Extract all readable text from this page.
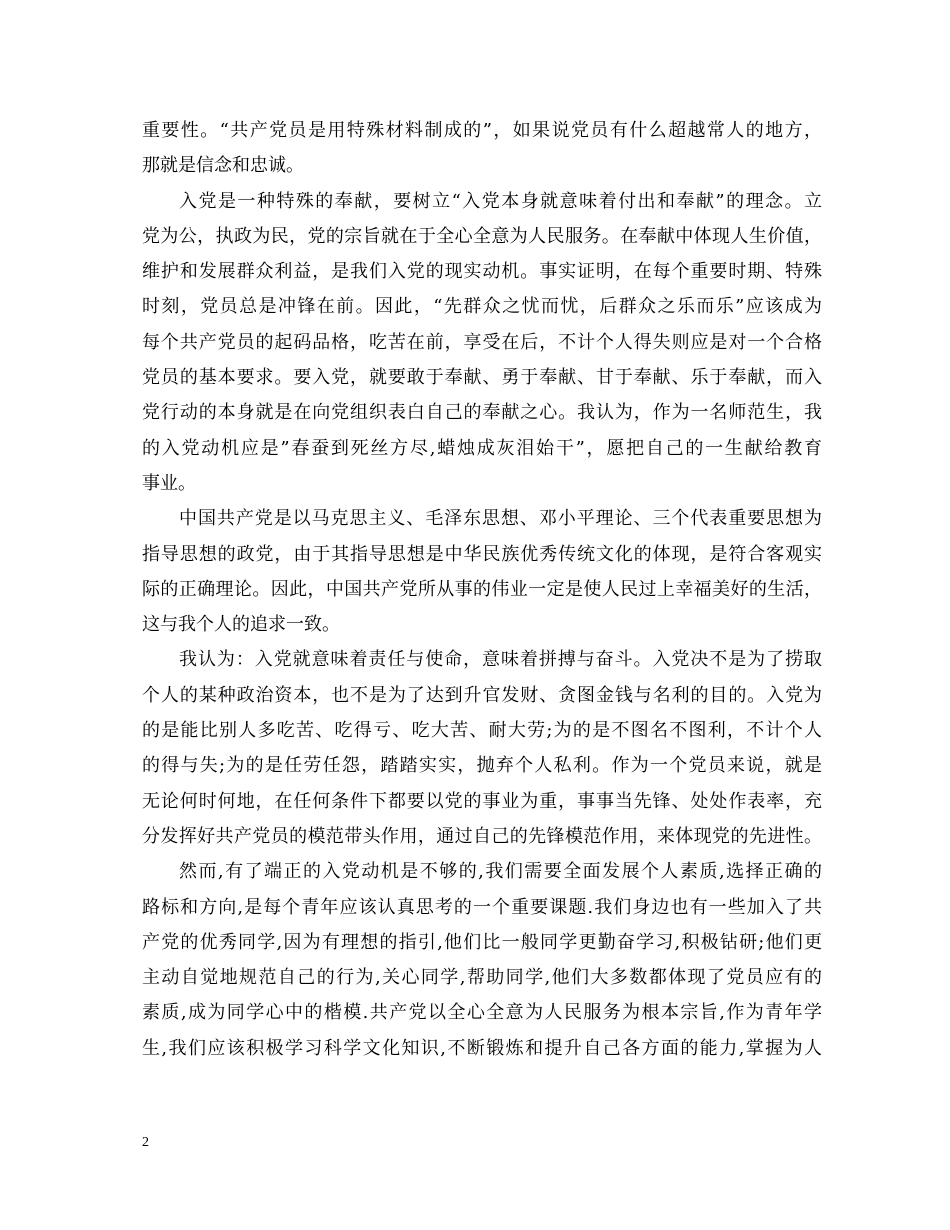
重要性。“共产党员是用特殊材料制成的”，如果说党员有什么超越常人的地方，
那就是信念和忠诚。
入党是一种特殊的奉献，要树立“入党本身就意味着付出和奉献”的理念。立
党为公，执政为民，党的宗旨就在于全心全意为人民服务。在奉献中体现人生价值，
维护和发展群众利益，是我们入党的现实动机。事实证明，在每个重要时期、特殊
时刻，党员总是冲锋在前。因此，“先群众之忧而忧，后群众之乐而乐”应该成为
每个共产党员的起码品格，吃苦在前，享受在后，不计个人得失则应是对一个合格
党员的基本要求。要入党，就要敢于奉献、勇于奉献、甘于奉献、乐于奉献，而入
党行动的本身就是在向党组织表白自己的奉献之心。我认为，作为一名师范生，我
的入党动机应是”春蚕到死丝方尽,蜡烛成灰泪始干”，愿把自己的一生献给教育
事业。
中国共产党是以马克思主义、毛泽东思想、邓小平理论、三个代表重要思想为
指导思想的政党，由于其指导思想是中华民族优秀传统文化的体现，是符合客观实
际的正确理论。因此，中国共产党所从事的伟业一定是使人民过上幸福美好的生活，
这与我个人的追求一致。
我认为：入党就意味着责任与使命，意味着拼搏与奋斗。入党决不是为了捞取
个人的某种政治资本，也不是为了达到升官发财、贪图金钱与名利的目的。入党为
的是能比别人多吃苦、吃得亏、吃大苦、耐大劳;为的是不图名不图利，不计个人
的得与失;为的是任劳任怨，踏踏实实，抛弃个人私利。作为一个党员来说，就是
无论何时何地，在任何条件下都要以党的事业为重，事事当先锋、处处作表率，充
分发挥好共产党员的模范带头作用，通过自己的先锋模范作用，来体现党的先进性。
然而,有了端正的入党动机是不够的,我们需要全面发展个人素质,选择正确的
路标和方向,是每个青年应该认真思考的一个重要课题.我们身边也有一些加入了共
产党的优秀同学,因为有理想的指引,他们比一般同学更勤奋学习,积极钻研;他们更
主动自觉地规范自己的行为,关心同学,帮助同学,他们大多数都体现了党员应有的
素质,成为同学心中的楷模.共产党以全心全意为人民服务为根本宗旨,作为青年学
生,我们应该积极学习科学文化知识,不断锻炼和提升自己各方面的能力,掌握为人
2
